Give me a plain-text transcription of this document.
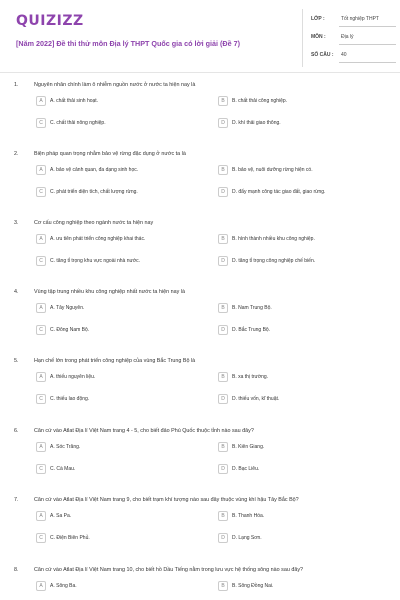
QUIZIZZ
[Năm 2022] Đề thi thử môn Địa lý THPT Quốc gia có lời giải (Đề 7)
LỚP :	Tốt nghiệp THPT
MÔN :	Địa lý
SỐ CÂU : 40
1.	Nguyên nhân chính làm ô nhiễm nguồn nước ở nước ta hiện nay là
A	A. chất thải sinh hoạt.	B	B. chất thải công nghiệp.
C	C. chất thải nông nghiệp.	D	D. khí thải giao thông.
2.	Biện pháp quan trọng nhằm bảo vệ rừng đặc dụng ở nước ta là
A	A. bảo vệ cảnh quan, đa dạng sinh học.	B	B. bảo vệ, nuôi dưỡng rừng hiện có.
C	C. phát triển diện tích, chất lượng rừng.	D	D. đẩy mạnh công tác giao đất, giao rừng.
3.	Cơ cấu công nghiệp theo ngành nước ta hiện nay
A	A. ưu tiên phát triển công nghiệp khai thác.	B	B. hình thành nhiều khu công nghiệp.
C	C. tăng tỉ trọng khu vực ngoài nhà nước.	D	D. tăng tỉ trọng công nghiệp chế biến.
4.	Vùng tập trung nhiều khu công nghiệp nhất nước ta hiện nay là
A	A. Tây Nguyên.	B	B. Nam Trung Bộ.
C	C. Đông Nam Bộ.	D	D. Bắc Trung Bộ.
5.	Hạn chế lớn trong phát triển công nghiệp của vùng Bắc Trung Bộ là
A	A. thiếu nguyên liệu.	B	B. xa thị trường.
C	C. thiếu lao động.	D	D. thiếu vốn, kĩ thuật.
6.	Căn cứ vào Atlat Địa lí Việt Nam trang 4 - 5, cho biết đảo Phú Quốc thuộc tỉnh nào sau đây?
A	A. Sóc Trăng.	B	B. Kiên Giang.
C	C. Cà Mau.	D	D. Bạc Liêu.
7.	Căn cứ vào Atlat Địa lí Việt Nam trang 9, cho biết trạm khí tượng nào sau đây thuộc vùng khí hậu Tây Bắc Bộ?
A	A. Sa Pa.	B	B. Thanh Hóa.
C	C. Điện Biên Phủ.	D	D. Lạng Sơn.
8.	Căn cứ vào Atlat Địa lí Việt Nam trang 10, cho biết hồ Dầu Tiếng nằm trong lưu vực hệ thống sông nào sau đây?
A	A. Sông Ba.	B	B. Sông Đồng Nai.
